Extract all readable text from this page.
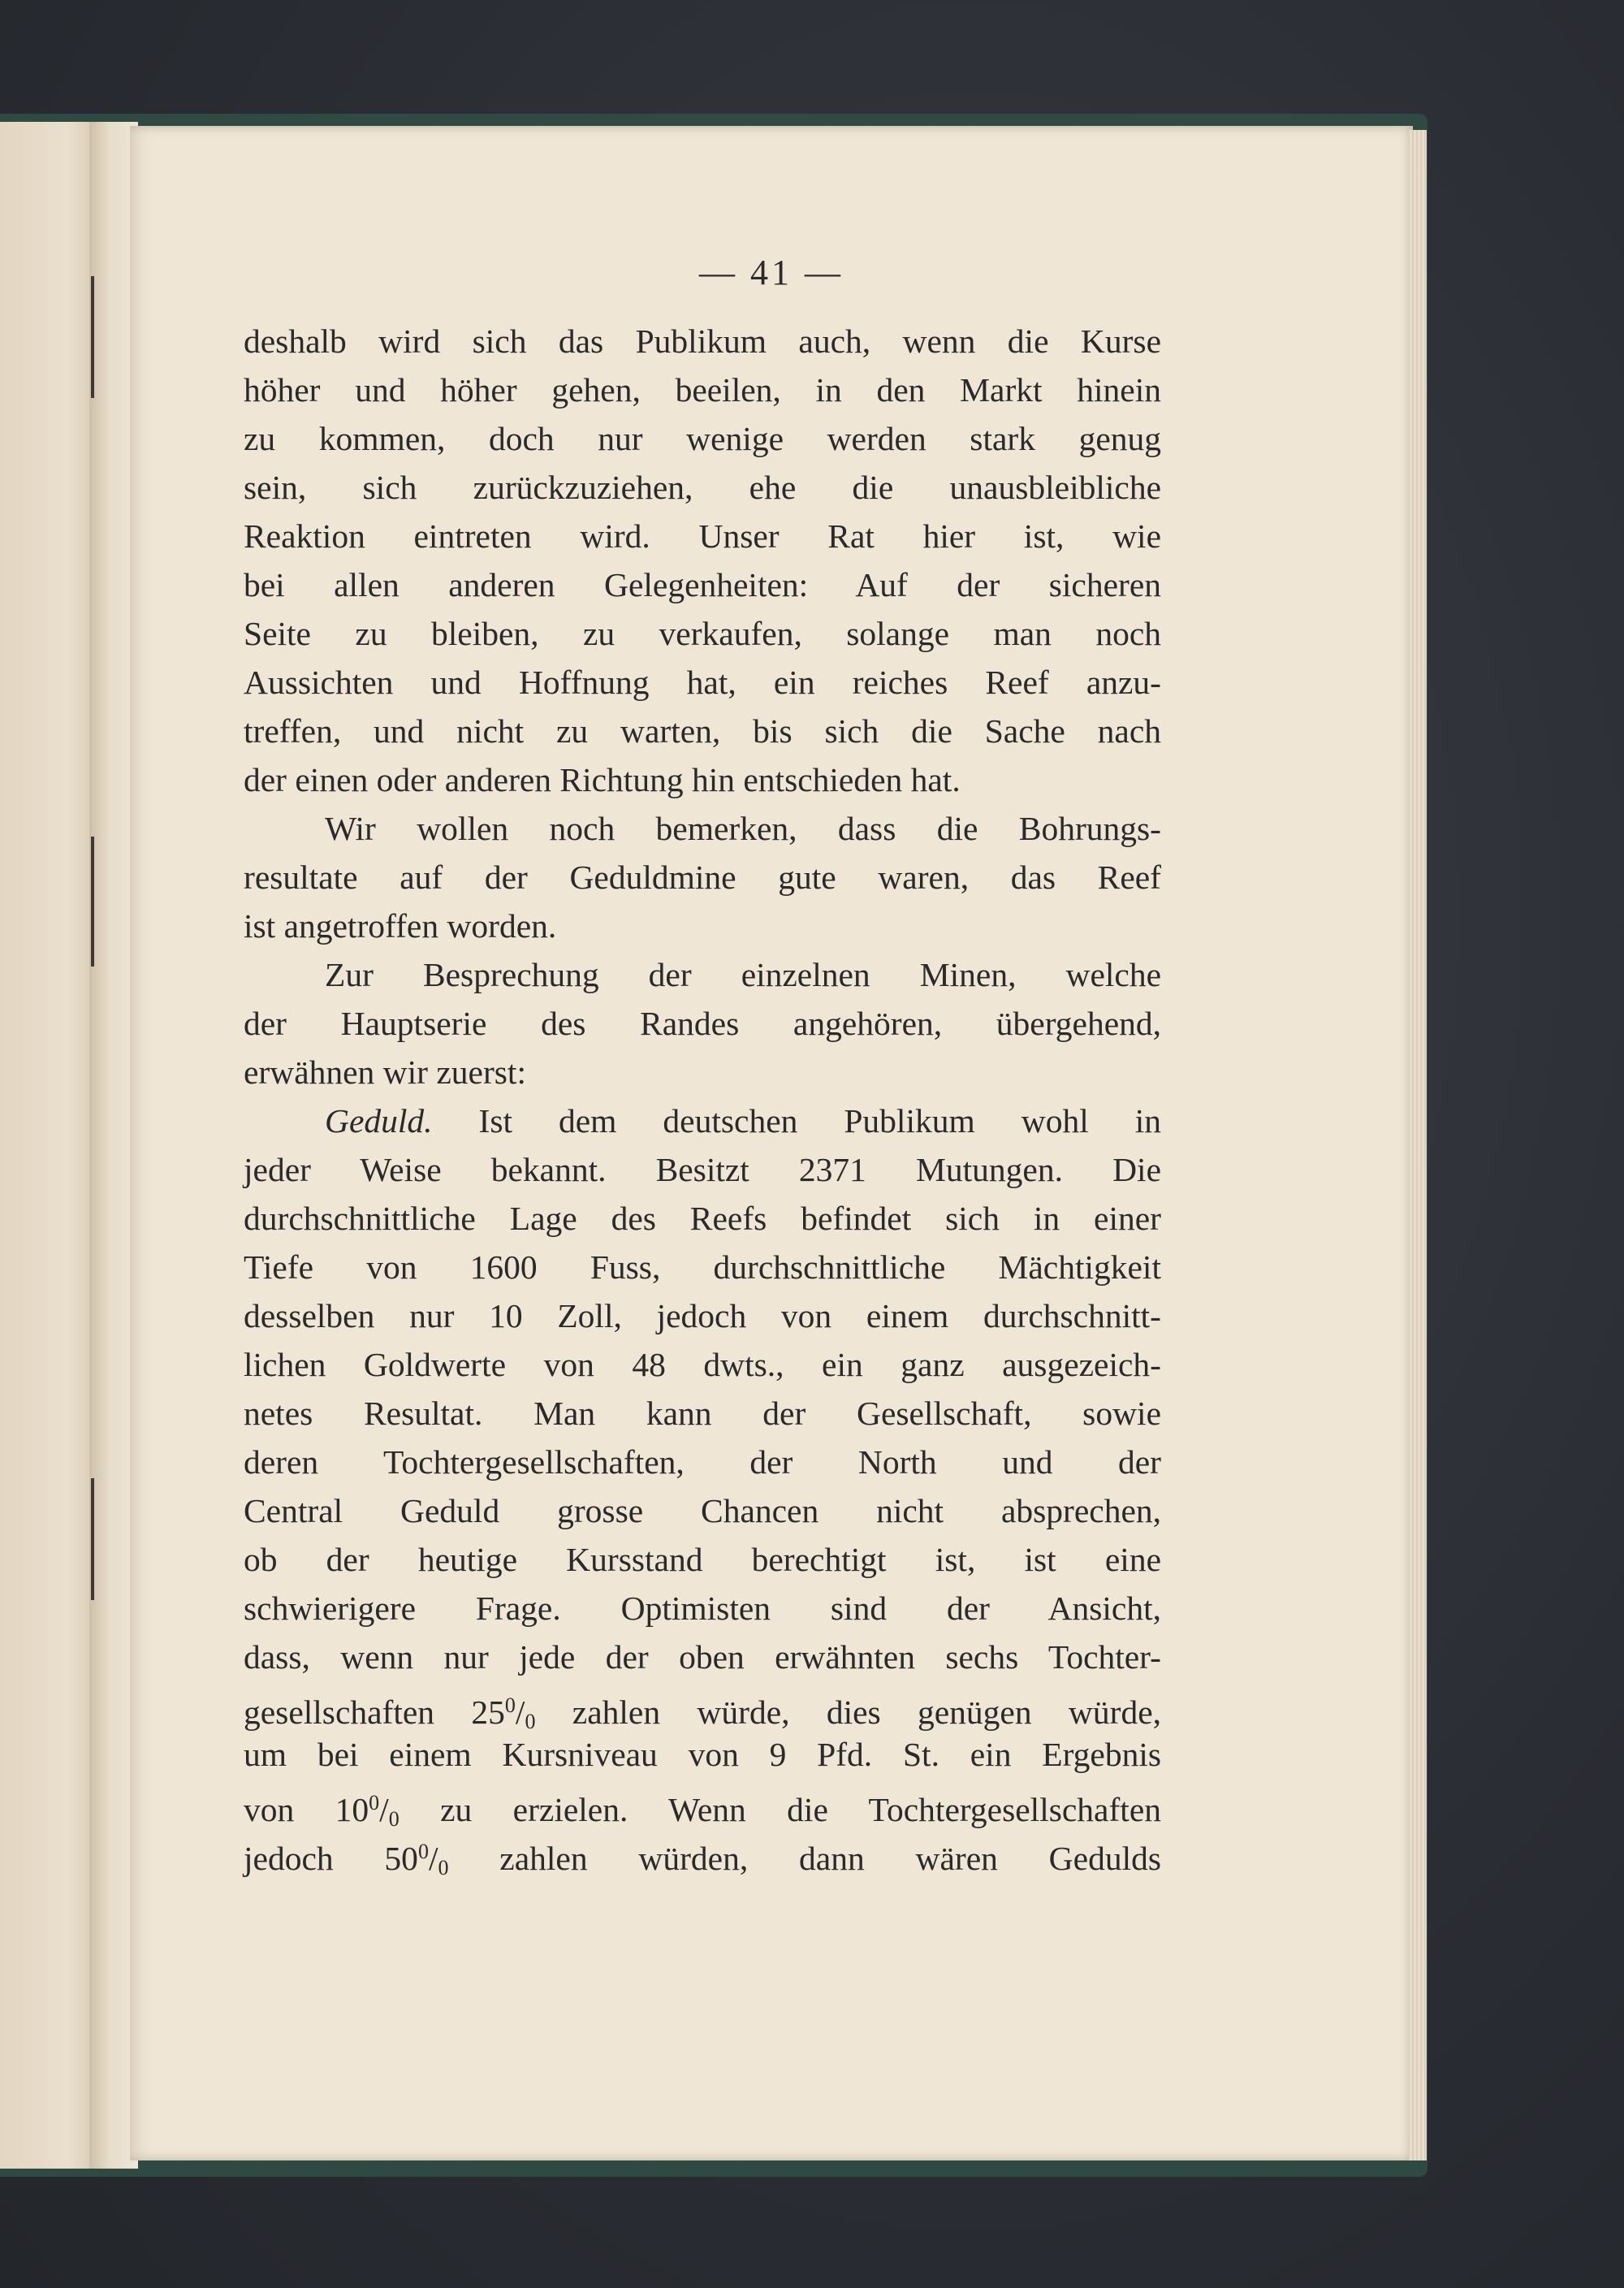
— 41 —
deshalb wird sich das Publikum auch, wenn die Kurse
höher und höher gehen, beeilen, in den Markt hinein
zu kommen, doch nur wenige werden stark genug
sein, sich zurückzuziehen, ehe die unausbleibliche
Reaktion eintreten wird. Unser Rat hier ist, wie
bei allen anderen Gelegenheiten: Auf der sicheren
Seite zu bleiben, zu verkaufen, solange man noch
Aussichten und Hoffnung hat, ein reiches Reef anzu-
treffen, und nicht zu warten, bis sich die Sache nach
der einen oder anderen Richtung hin entschieden hat.
Wir wollen noch bemerken, dass die Bohrungs-
resultate auf der Geduldmine gute waren, das Reef
ist angetroffen worden.
Zur Besprechung der einzelnen Minen, welche
der Hauptserie des Randes angehören, übergehend,
erwähnen wir zuerst:
Geduld. Ist dem deutschen Publikum wohl in
jeder Weise bekannt. Besitzt 2371 Mutungen. Die
durchschnittliche Lage des Reefs befindet sich in einer
Tiefe von 1600 Fuss, durchschnittliche Mächtigkeit
desselben nur 10 Zoll, jedoch von einem durchschnitt-
lichen Goldwerte von 48 dwts., ein ganz ausgezeich-
netes Resultat. Man kann der Gesellschaft, sowie
deren Tochtergesellschaften, der North und der
Central Geduld grosse Chancen nicht absprechen,
ob der heutige Kursstand berechtigt ist, ist eine
schwierigere Frage. Optimisten sind der Ansicht,
dass, wenn nur jede der oben erwähnten sechs Tochter-
gesellschaften $25^0/_0$ zahlen würde, dies genügen würde,
um bei einem Kursniveau von 9 Pfd. St. ein Ergebnis
von $10^0/_0$ zu erzielen. Wenn die Tochtergesellschaften
jedoch $50^0/_0$ zahlen würden, dann wären Gedulds
